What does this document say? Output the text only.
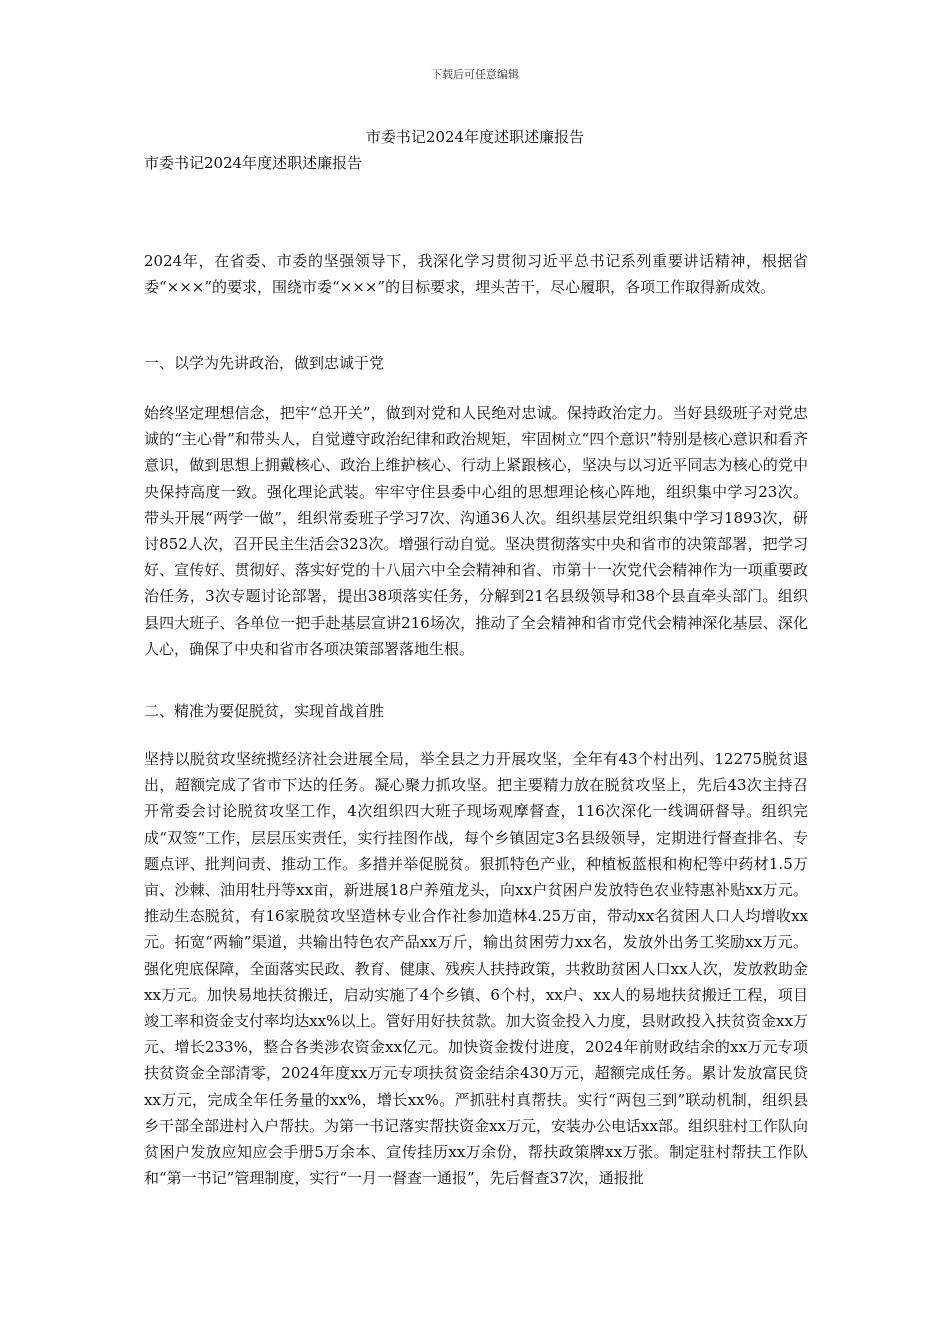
下载后可任意编辑
市委书记2024年度述职述廉报告
市委书记2024年度述职述廉报告
2024年，在省委、市委的坚强领导下，我深化学习贯彻习近平总书记系列重要讲话精神，根据省委“×××”的要求，围绕市委“×××”的目标要求，埋头苦干，尽心履职，各项工作取得新成效。
一、以学为先讲政治，做到忠诚于党
始终坚定理想信念，把牢“总开关”，做到对党和人民绝对忠诚。保持政治定力。当好县级班子对党忠诚的“主心骨”和带头人，自觉遵守政治纪律和政治规矩，牢固树立“四个意识”特别是核心意识和看齐意识，做到思想上拥戴核心、政治上维护核心、行动上紧跟核心，坚决与以习近平同志为核心的党中央保持高度一致。强化理论武装。牢牢守住县委中心组的思想理论核心阵地，组织集中学习23次。带头开展“两学一做”，组织常委班子学习7次、沟通36人次。组织基层党组织集中学习1893次，研讨852人次，召开民主生活会323次。增强行动自觉。坚决贯彻落实中央和省市的决策部署，把学习好、宣传好、贯彻好、落实好党的十八届六中全会精神和省、市第十一次党代会精神作为一项重要政治任务，3次专题讨论部署，提出38项落实任务，分解到21名县级领导和38个县直牵头部门。组织县四大班子、各单位一把手赴基层宣讲216场次，推动了全会精神和省市党代会精神深化基层、深化人心，确保了中央和省市各项决策部署落地生根。
二、精准为要促脱贫，实现首战首胜
坚持以脱贫攻坚统揽经济社会进展全局，举全县之力开展攻坚，全年有43个村出列、12275脱贫退出，超额完成了省市下达的任务。凝心聚力抓攻坚。把主要精力放在脱贫攻坚上，先后43次主持召开常委会讨论脱贫攻坚工作，4次组织四大班子现场观摩督查，116次深化一线调研督导。组织完成“双签”工作，层层压实责任，实行挂图作战，每个乡镇固定3名县级领导，定期进行督查排名、专题点评、批判问责、推动工作。多措并举促脱贫。狠抓特色产业，种植板蓝根和枸杞等中药材1.5万亩、沙棘、油用牡丹等xx亩，新进展18户养殖龙头，向xx户贫困户发放特色农业特惠补贴xx万元。推动生态脱贫，有16家脱贫攻坚造林专业合作社参加造林4.25万亩，带动xx名贫困人口人均增收xx元。拓宽“两输”渠道，共输出特色农产品xx万斤，输出贫困劳力xx名，发放外出务工奖励xx万元。强化兜底保障，全面落实民政、教育、健康、残疾人扶持政策，共救助贫困人口xx人次，发放救助金xx万元。加快易地扶贫搬迁，启动实施了4个乡镇、6个村，xx户、xx人的易地扶贫搬迁工程，项目竣工率和资金支付率均达xx%以上。管好用好扶贫款。加大资金投入力度，县财政投入扶贫资金xx万元、增长233%，整合各类涉农资金xx亿元。加快资金拨付进度，2024年前财政结余的xx万元专项扶贫资金全部清零，2024年度xx万元专项扶贫资金结余430万元，超额完成任务。累计发放富民贷xx万元，完成全年任务量的xx%，增长xx%。严抓驻村真帮扶。实行“两包三到”联动机制，组织县乡干部全部进村入户帮扶。为第一书记落实帮扶资金xx万元，安装办公电话xx部。组织驻村工作队向贫困户发放应知应会手册5万余本、宣传挂历xx万余份，帮扶政策牌xx万张。制定驻村帮扶工作队和“第一书记”管理制度，实行“一月一督查一通报”，先后督查37次，通报批
